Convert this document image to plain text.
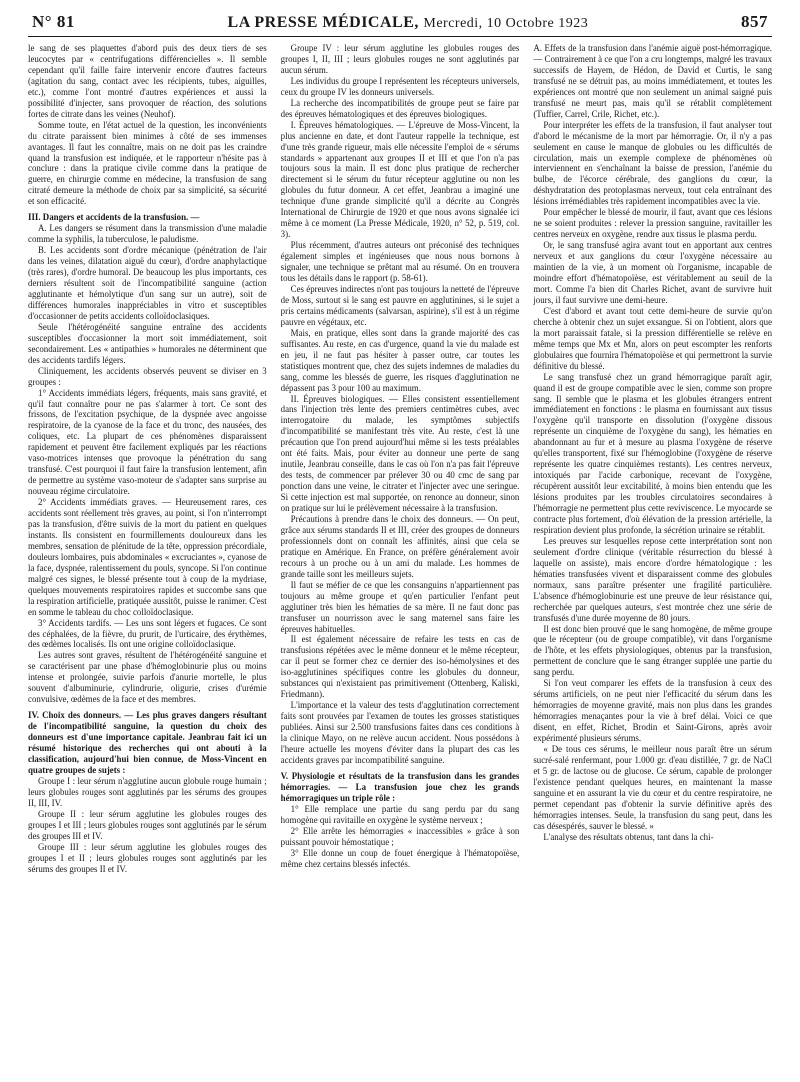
N° 81	LA PRESSE MÉDICALE, Mercredi, 10 Octobre 1923	857

le sang de ses plaquettes d'abord puis des deux tiers de ses leucocytes par « centrifugations différencielles ». Il semble cependant qu'il faille faire intervenir encore d'autres facteurs (agitation du sang, contact avec les récipients, tubes, aiguilles, etc.), comme l'ont montré d'autres expériences et aussi la possibilité d'injecter, sans provoquer de réaction, des solutions fortes de citrate dans les veines (Neuhof).

Somme toute, en l'état actuel de la question, les inconvénients du citrate paraissent bien minimes à côté de ses immenses avantages. Il faut les connaître, mais on ne doit pas les craindre quand la transfusion est indiquée, et le rapporteur n'hésite pas à conclure : dans la pratique civile comme dans la pratique de guerre, en chirurgie comme en médecine, la transfusion de sang citraté demeure la méthode de choix par sa simplicité, sa sécurité et son efficacité.

III. Dangers et accidents de la transfusion. —

A. Les dangers se résument dans la transmission d'une maladie comme la syphilis, la tuberculose, le paludisme.

B. Les accidents sont d'ordre mécanique (pénétration de l'air dans les veines, dilatation aiguë du cœur), d'ordre anaphylactique (très rares), d'ordre humoral. De beaucoup les plus importants, ces derniers résultent soit de l'incompatibilité sanguine (action agglutinante et hémolytique d'un sang sur un autre), soit de différences humorales inappréciables in vitro et susceptibles d'occasionner de petits accidents colloïdoclasiques.

Seule l'hétérogénéité sanguine entraîne des accidents susceptibles d'occasionner la mort soit immédiatement, soit secondairement. Les « antipathies » humorales ne déterminent que des accidents tardifs légers.

Cliniquement, les accidents observés peuvent se diviser en 3 groupes :

1° Accidents immédiats légers, fréquents, mais sans gravité, et qu'il faut connaître pour ne pas s'alarmer à tort. Ce sont des frissons, de l'excitation psychique, de la dyspnée avec angoisse respiratoire, de la cyanose de la face et du tronc, des nausées, des coliques, etc. La plupart de ces phénomènes disparaissent rapidement et peuvent être facilement expliqués par les réactions vaso-motrices intenses que provoque la pénétration du sang transfusé. C'est pourquoi il faut faire la transfusion lentement, afin de permettre au système vaso-moteur de s'adapter sans surprise au nouveau régime circulatoire.

2° Accidents immédiats graves. — Heureusement rares, ces accidents sont réellement très graves, au point, si l'on n'interrompt pas la transfusion, d'être suivis de la mort du patient en quelques instants. Ils consistent en fourmillements douloureux dans les membres, sensation de plénitude de la tête, oppression précordiale, douleurs lombaires, puis abdominales « excruciantes », cyanose de la face, dyspnée, ralentissement du pouls, syncope. Si l'on continue malgré ces signes, le blessé présente tout à coup de la mydriase, quelques mouvements respiratoires rapides et succombe sans que la respiration artificielle, pratiquée aussitôt, puisse le ranimer. C'est en somme le tableau du choc colloïdoclasique.

3° Accidents tardifs. — Les uns sont légers et fugaces. Ce sont des céphalées, de la fièvre, du prurit, de l'urticaire, des érythèmes, des œdèmes localisés. Ils ont une origine colloïdoclasique.

Les autres sont graves, résultent de l'hétérogénéité sanguine et se caractérisent par une phase d'hémoglobinurie plus ou moins intense et prolongée, suivie parfois d'anurie mortelle, le plus souvent d'albuminurie, cylindrurie, oligurie, crises d'urémie convulsive, œdèmes de la face et des membres.

IV. Choix des donneurs. — Les plus graves dangers résultant de l'incompatibilité sanguine, la question du choix des donneurs est d'une importance capitale. Jeanbrau fait ici un résumé historique des recherches qui ont abouti à la classification, aujourd'hui bien connue, de Moss-Vincent en quatre groupes de sujets :

Groupe I : leur sérum n'agglutine aucun globule rouge humain ; leurs globules rouges sont agglutinés par les sérums des groupes II, III, IV.

Groupe II : leur sérum agglutine les globules rouges des groupes I et III ; leurs globules rouges sont agglutinés par le sérum des groupes III et IV.

Groupe III : leur sérum agglutine les globules rouges des groupes I et II ; leurs globules rouges sont agglutinés par les sérums des groupes II et IV.

Groupe IV : leur sérum agglutine les globules rouges des groupes I, II, III ; leurs globules rouges ne sont agglutinés par aucun sérum.

Les individus du groupe I représentent les récepteurs universels, ceux du groupe IV les donneurs universels.

La recherche des incompatibilités de groupe peut se faire par des épreuves hématologiques et des épreuves biologiques.

I. Épreuves hématologiques. — L'épreuve de Moss-Vincent, la plus ancienne en date, et dont l'auteur rappelle la technique, est d'une très grande rigueur, mais elle nécessite l'emploi de « sérums standards » appartenant aux groupes II et III et que l'on n'a pas toujours sous la main. Il est donc plus pratique de rechercher directement si le sérum du futur récepteur agglutine ou non les globules du futur donneur. A cet effet, Jeanbrau a imaginé une technique d'une grande simplicité qu'il a décrite au Congrès International de Chirurgie de 1920 et que nous avons signalée ici même à ce moment (La Presse Médicale, 1920, n° 52, p. 519, col. 3).

Plus récemment, d'autres auteurs ont préconisé des techniques également simples et ingénieuses que nous nous bornons à signaler, une technique se prêtant mal au résumé. On en trouvera tous les détails dans le rapport (p. 58-61).

Ces épreuves indirectes n'ont pas toujours la netteté de l'épreuve de Moss, surtout si le sang est pauvre en agglutinines, si le sujet a pris certains médicaments (salvarsan, aspirine), s'il est à un régime pauvre en végétaux, etc.

Mais, en pratique, elles sont dans la grande majorité des cas suffisantes. Au reste, en cas d'urgence, quand la vie du malade est en jeu, il ne faut pas hésiter à passer outre, car toutes les statistiques montrent que, chez des sujets indemnes de maladies du sang, comme les blessés de guerre, les risques d'agglutination ne dépassent pas 3 pour 100 au maximum.

II. Épreuves biologiques. — Elles consistent essentiellement dans l'injection très lente des premiers centimètres cubes, avec interrogatoire du malade, les symptômes subjectifs d'incompatibilité se manifestant très vite. Au reste, c'est là une précaution que l'on prend aujourd'hui même si les tests préalables ont été faits. Mais, pour éviter au donneur une perte de sang inutile, Jeanbrau conseille, dans le cas où l'on n'a pas fait l'épreuve des tests, de commencer par prélever 30 ou 40 cmc de sang par ponction dans une veine, le citrater et l'injecter avec une seringue. Si cette injection est mal supportée, on renonce au donneur, sinon on pratique sur lui le prélèvement nécessaire à la transfusion.

Précautions à prendre dans le choix des donneurs. — On peut, grâce aux sérums standards II et III, créer des groupes de donneurs professionnels dont on connaît les affinités, ainsi que cela se pratique en Amérique. En France, on préfère généralement avoir recours à un proche ou à un ami du malade. Les hommes de grande taille sont les meilleurs sujets.

Il faut se méfier de ce que les consanguins n'appartiennent pas toujours au même groupe et qu'en particulier l'enfant peut agglutiner très bien les hématies de sa mère. Il ne faut donc pas transfuser un nourrisson avec le sang maternel sans faire les épreuves habituelles.

Il est également nécessaire de refaire les tests en cas de transfusions répétées avec le même donneur et le même récepteur, car il peut se former chez ce dernier des iso-hémolysines et des iso-agglutinines spécifiques contre les globules du donneur, substances qui n'existaient pas primitivement (Ottenberg, Kaliski, Friedmann).

L'importance et la valeur des tests d'agglutination correctement faits sont prouvées par l'examen de toutes les grosses statistiques publiées. Ainsi sur 2.500 transfusions faites dans ces conditions à la clinique Mayo, on ne relève aucun accident. Nous possédons à l'heure actuelle les moyens d'éviter dans la plupart des cas les accidents graves par incompatibilité sanguine.

V. Physiologie et résultats de la transfusion dans les grandes hémorragies. — La transfusion joue chez les grands hémorragiques un triple rôle :

1° Elle remplace une partie du sang perdu par du sang homogène qui ravitaille en oxygène le système nerveux ;

2° Elle arrête les hémorragies « inaccessibles » grâce à son puissant pouvoir hémostatique ;

3° Elle donne un coup de fouet énergique à l'hématopoïèse, même chez certains blessés infectés.

A. Effets de la transfusion dans l'anémie aiguë post-hémorragique. — Contrairement à ce que l'on a cru longtemps, malgré les travaux successifs de Hayem, de Hédon, de David et Curtis, le sang transfusé ne se détruit pas, au moins immédiatement, et toutes les expériences ont montré que non seulement un animal saigné puis transfusé ne meurt pas, mais qu'il se rétablit complètement (Tuffier, Carrel, Crile, Richet, etc.).

Pour interpréter les effets de la transfusion, il faut analyser tout d'abord le mécanisme de la mort par hémorragie. Or, il n'y a pas seulement en cause le manque de globules ou les difficultés de circulation, mais un exemple complexe de phénomènes où interviennent en s'enchaînant la baisse de pression, l'anémie du bulbe, de l'écorce cérébrale, des ganglions du cœur, la déshydratation des protoplasmas nerveux, tout cela entraînant des lésions irrémédiables très rapidement incompatibles avec la vie.

Pour empêcher le blessé de mourir, il faut, avant que ces lésions ne se soient produites : relever la pression sanguine, ravitailler les centres nerveux en oxygène, rendre aux tissus le plasma perdu.

Or, le sang transfusé agira avant tout en apportant aux centres nerveux et aux ganglions du cœur l'oxygène nécessaire au maintien de la vie, à un moment où l'organisme, incapable de moindre effort d'hématopoïèse, est véritablement au seuil de la mort. Comme l'a bien dit Charles Richet, avant de survivre huit jours, il faut survivre une demi-heure.

C'est d'abord et avant tout cette demi-heure de survie qu'on cherche à obtenir chez un sujet exsangue. Si on l'obtient, alors que la mort paraissait fatale, si la pression différentielle se relève en même temps que Mx et Mn, alors on peut escompter les renforts globulaires que fournira l'hématopoïèse et qui permettront la survie définitive du blessé.

Le sang transfusé chez un grand hémorragique paraît agir, quand il est de groupe compatible avec le sien, comme son propre sang. Il semble que le plasma et les globules étrangers entrent immédiatement en fonctions : le plasma en fournissant aux tissus l'oxygène qu'il transporte en dissolution (l'oxygène dissous représente un cinquième de l'oxygène du sang), les hématies en abandonnant au fur et à mesure au plasma l'oxygène de réserve qu'elles transportent, fixé sur l'hémoglobine (l'oxygène de réserve représente les quatre cinquièmes restants). Les centres nerveux, intoxiqués par l'acide carbonique, recevant de l'oxygène, récupèrent aussitôt leur excitabilité, à moins bien entendu que les lésions produites par les troubles circulatoires secondaires à l'hémorragie ne permettent plus cette reviviscence. Le myocarde se contracte plus fortement, d'où élévation de la pression artérielle, la respiration devient plus profonde, la sécrétion urinaire se rétablit.

Les preuves sur lesquelles repose cette interprétation sont non seulement d'ordre clinique (véritable résurrection du blessé à laquelle on assiste), mais encore d'ordre hématologique : les hématies transfusées vivent et disparaissent comme des globules normaux, sans paraître présenter une fragilité particulière. L'absence d'hémoglobinurie est une preuve de leur résistance qui, recherchée par quelques auteurs, s'est montrée chez une série de transfusés d'une durée moyenne de 80 jours.

Il est donc bien prouvé que le sang homogène, de même groupe que le récepteur (ou de groupe compatible), vit dans l'organisme de l'hôte, et les effets physiologiques, obtenus par la transfusion, permettent de conclure que le sang étranger supplée une partie du sang perdu.

Si l'on veut comparer les effets de la transfusion à ceux des sérums artificiels, on ne peut nier l'efficacité du sérum dans les hémorragies de moyenne gravité, mais non plus dans les grandes hémorragies menaçantes pour la vie à bref délai. Voici ce que disent, en effet, Richet, Brodin et Saint-Girons, après avoir expérimenté plusieurs sérums.

« De tous ces sérums, le meilleur nous paraît être un sérum sucré-salé renfermant, pour 1.000 gr. d'eau distillée, 7 gr. de NaCl et 5 gr. de lactose ou de glucose. Ce sérum, capable de prolonger l'existence pendant quelques heures, en maintenant la masse sanguine et en assurant la vie du cœur et du centre respiratoire, ne permet cependant pas d'obtenir la survie définitive après des hémorragies intenses. Seule, la transfusion du sang peut, dans les cas désespérés, sauver le blessé. »

L'analyse des résultats obtenus, tant dans la chi-
